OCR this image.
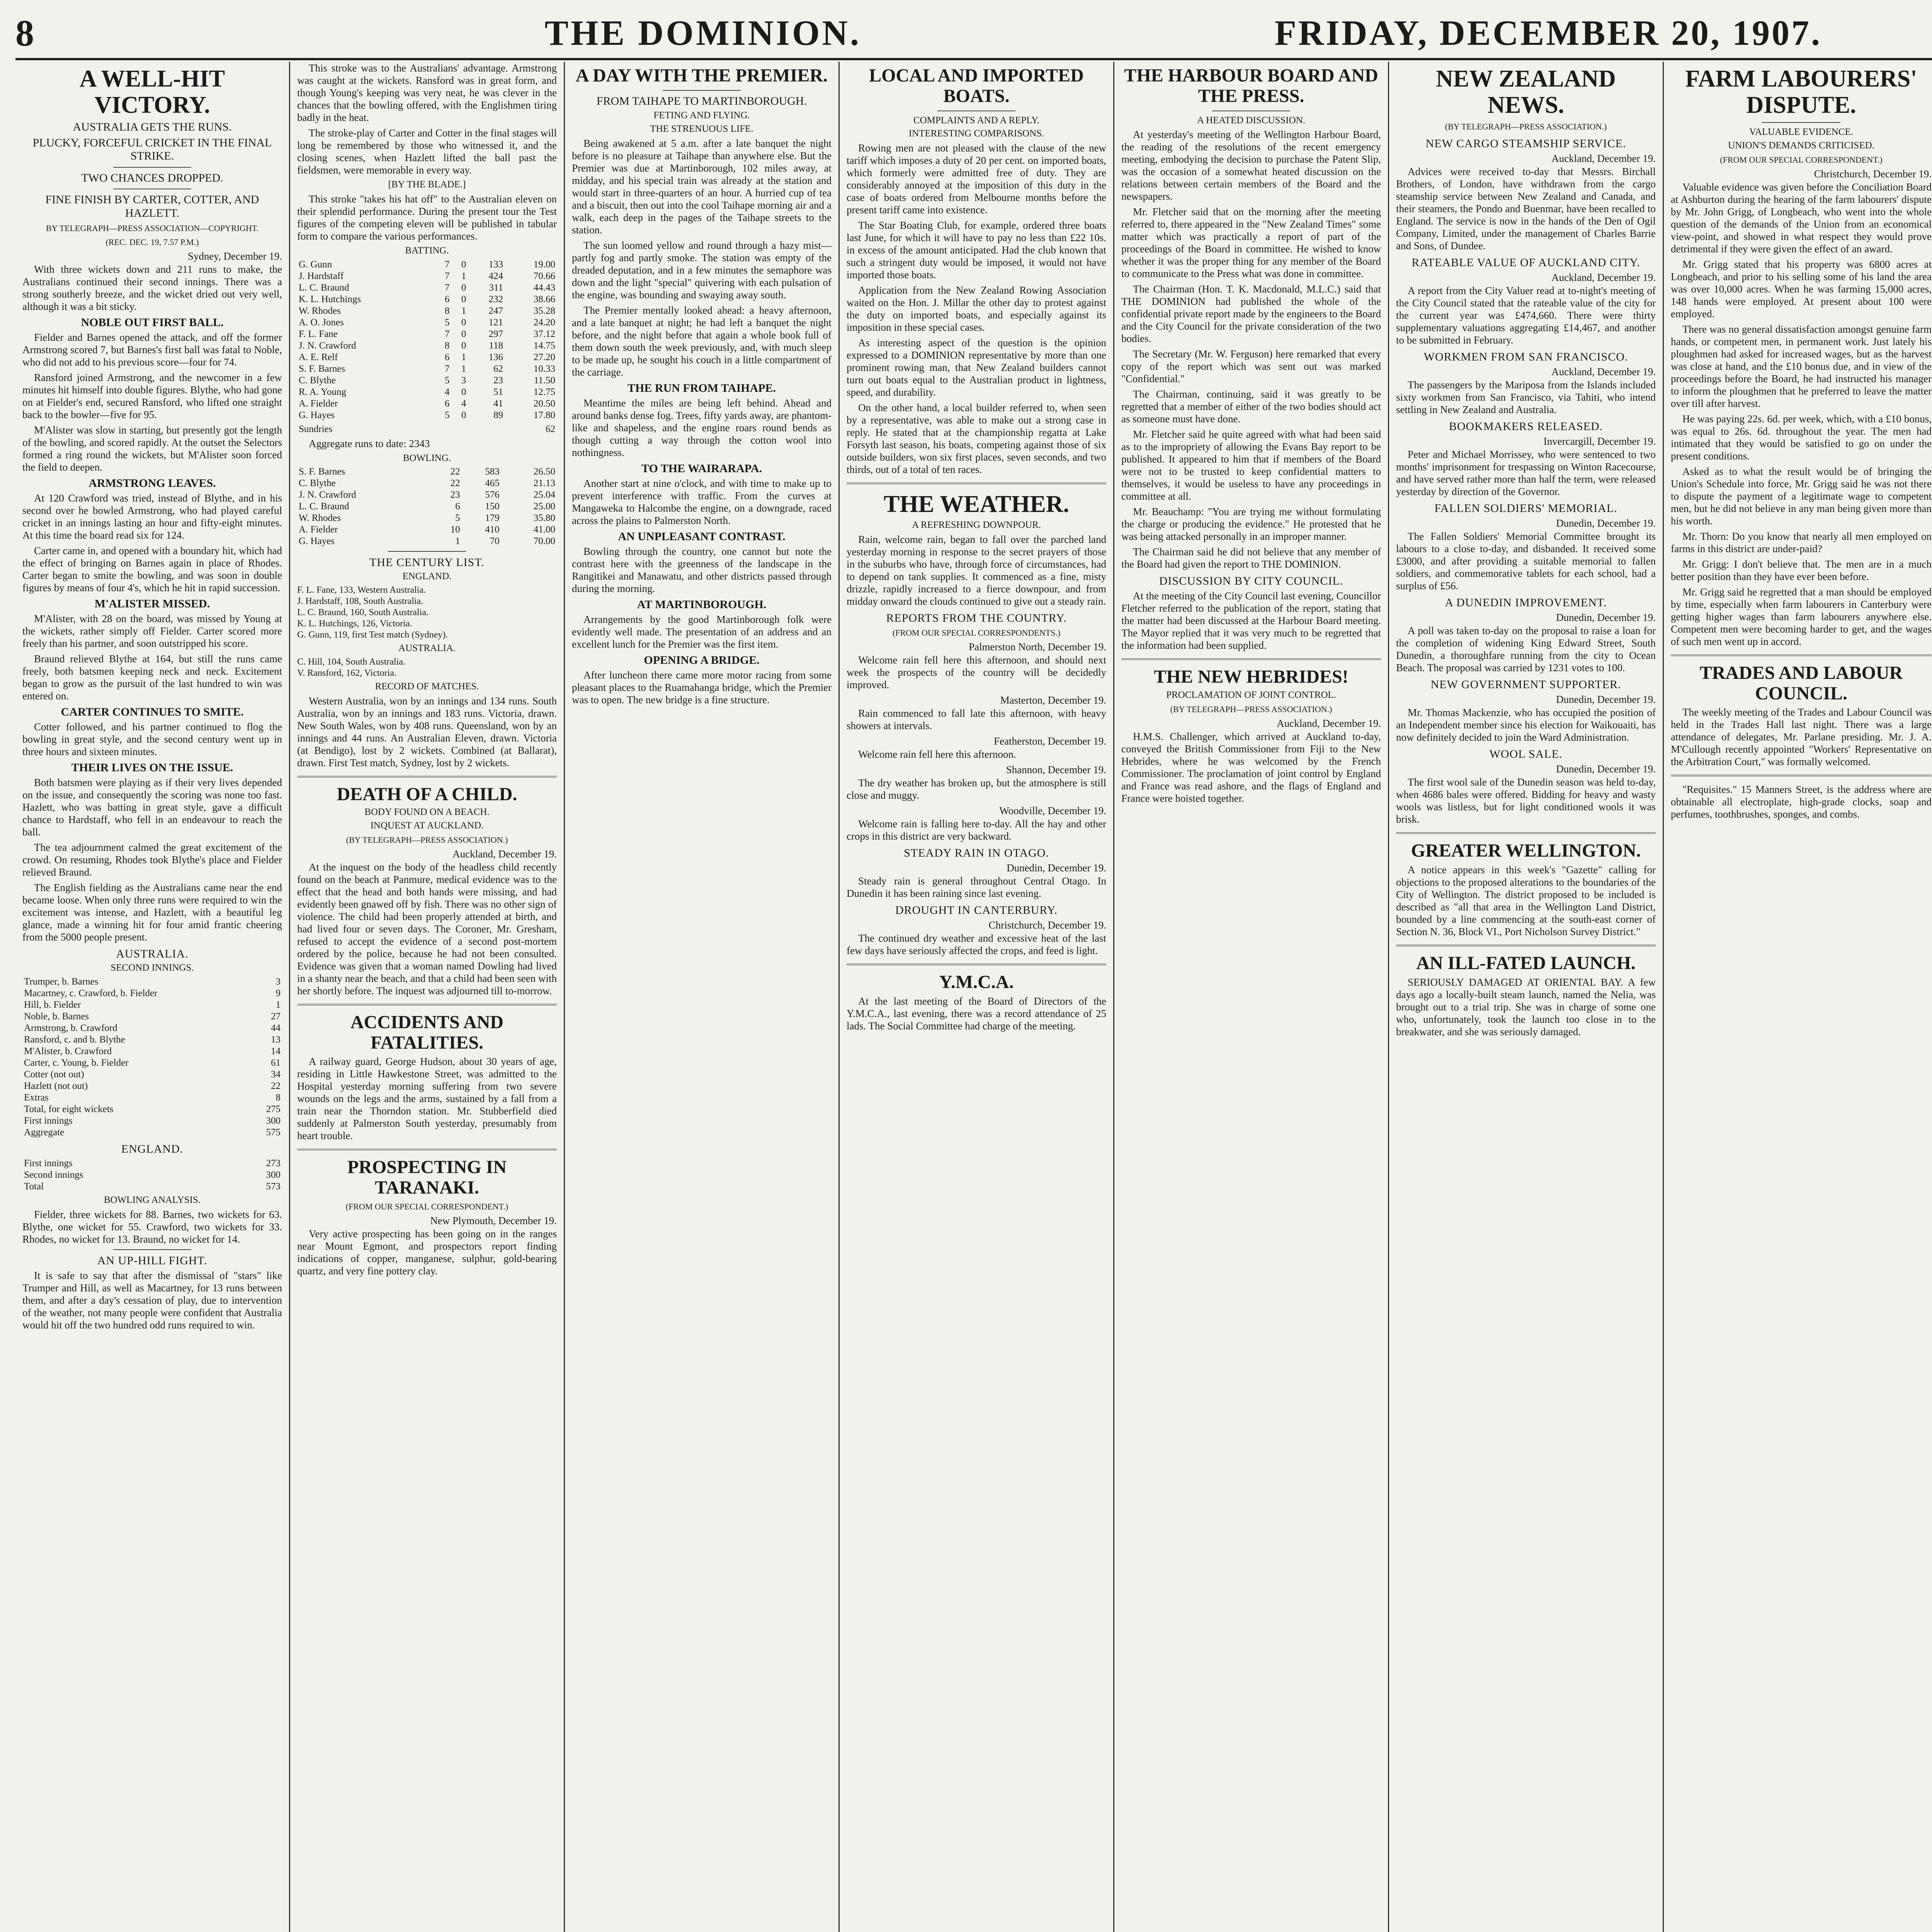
8	THE DOMINION.	FRIDAY, DECEMBER 20, 1907.
A WELL-HIT VICTORY.
AUSTRALIA GETS THE RUNS.
PLUCKY, FORCEFUL CRICKET IN THE FINAL STRIKE.
TWO CHANCES DROPPED.
FINE FINISH BY CARTER, COTTER, AND HAZLETT.
BY TELEGRAPH—PRESS ASSOCIATION—COPYRIGHT.
(REC. DEC. 19, 7.57 P.M.)
Sydney, December 19.

With three wickets down and 211 runs to make, the Australians continued their second innings. There was a strong southerly breeze, and the wicket dried out very well, although it was a bit sticky.

NOBLE OUT FIRST BALL.

Fielder and Barnes opened the attack, and off the former Armstrong scored 7, but Barnes's first ball was fatal to Noble, who did not add to his previous score—four for 74.

Ransford joined Armstrong, and the newcomer in a few minutes hit himself into double figures. Blythe, who had gone on at Fielder's end, secured Ransford, who lifted one straight back to the bowler—five for 95.

M'Alister was slow in starting, but presently got the length of the bowling, and scored rapidly. At the outset the Selectors formed a ring round the wickets, but M'Alister soon forced the field to deepen.

ARMSTRONG LEAVES.

At 120 Crawford was tried, instead of Blythe, and in his second over he bowled Armstrong, who had played careful cricket in an innings lasting an hour and fifty-eight minutes. At this time the board read six for 124.

Carter came in, and opened with a boundary hit, which had the effect of bringing on Barnes again in place of Rhodes. Carter began to smite the bowling, and was soon in double figures by means of four 4's, which he hit in rapid succession.

M'ALISTER MISSED.

M'Alister, with 28 on the board, was missed by Young at the wickets, rather simply off Fielder. Carter scored more freely than his partner, and soon outstripped his score.

Braund relieved Blythe at 164, but still the runs came freely, both batsmen keeping neck and neck. Excitement began to grow as the pursuit of the last hundred to win was entered on.

CARTER CONTINUES TO SMITE.

Cotter followed, and his partner continued to flog the bowling in great style, and the second century went up in three hours and sixteen minutes.

THEIR LIVES ON THE ISSUE.

Both batsmen were playing as if their very lives depended on the issue, and consequently the scoring was none too fast. Hazlett, who was batting in great style, gave a difficult chance to Hardstaff, who fell in an endeavour to reach the ball.

The tea adjournment calmed the great excitement of the crowd. On resuming, Rhodes took Blythe's place and Fielder relieved Braund.

The English fielding as the Australians came near the end became loose. When only three runs were required to win the excitement was intense, and Hazlett, with a beautiful leg glance, made a winning hit for four amid frantic cheering from the 5000 people present.

AUSTRALIA.
SECOND INNINGS.
Trumper, b. Barnes	3
Macartney, c. Crawford, b. Fielder	9
Hill, b. Fielder	1
Noble, b. Barnes	27
Armstrong, b. Crawford	44
Ransford, c. and b. Blythe	13
M'Alister, b. Crawford	14
Carter, c. Young, b. Fielder	61
Cotter (not out)	34
Hazlett (not out)	22
Extras	8
Total, for eight wickets	275
First innings	300
Aggregate	575
ENGLAND.
First innings	273
Second innings	300
Total	573
BOWLING ANALYSIS.

Fielder, three wickets for 88. Barnes, two wickets for 63. Blythe, one wicket for 55. Crawford, two wickets for 33. Rhodes, no wicket for 13. Braund, no wicket for 14.

AN UP-HILL FIGHT.

It is safe to say that after the dismissal of "stars" like Trumper and Hill, as well as Macartney, for 13 runs between them, and after a day's cessation of play, due to intervention of the weather, not many people were confident that Australia would hit off the two hundred odd runs required to win.

This stroke was to the Australians' advantage. Armstrong was caught at the wickets. Ransford was in great form, and though Young's keeping was very neat, he was clever in the chances that the bowling offered, with the Englishmen tiring badly in the heat.

The stroke-play of Carter and Cotter in the final stages will long be remembered by those who witnessed it, and the closing scenes, when Hazlett lifted the ball past the fieldsmen, were memorable in every way.

[BY THE BLADE.]

This stroke "takes his hat off" to the Australian eleven on their splendid performance. During the present tour the Test figures of the competing eleven will be published in tabular form to compare the various performances.

BATTING.
G. Gunn	7	0	133	19.00
J. Hardstaff	7	1	424	70.66
L. C. Braund	7	0	311	44.43
K. L. Hutchings	6	0	232	38.66
W. Rhodes	8	1	247	35.28
A. O. Jones	5	0	121	24.20
F. L. Fane	7	0	297	37.12
J. N. Crawford	8	0	118	14.75
A. E. Relf	6	1	136	27.20
S. F. Barnes	7	1	62	10.33
C. Blythe	5	3	23	11.50
R. A. Young	4	0	51	12.75
A. Fielder	6	4	41	20.50
G. Hayes	5	0	89	17.80
Sundries	62

Aggregate runs to date: 2343

BOWLING.
S. F. Barnes	22	583	26.50
C. Blythe	22	465	21.13
J. N. Crawford	23	576	25.04
L. C. Braund	6	150	25.00
W. Rhodes	5	179	35.80
A. Fielder	10	410	41.00
G. Hayes	1	70	70.00
THE CENTURY LIST.
ENGLAND.
F. L. Fane, 133, Western Australia.
J. Hardstaff, 108, South Australia.
L. C. Braund, 160, South Australia.
K. L. Hutchings, 126, Victoria.
G. Gunn, 119, first Test match (Sydney).
AUSTRALIA.
C. Hill, 104, South Australia.
V. Ransford, 162, Victoria.
RECORD OF MATCHES.

Western Australia, won by an innings and 134 runs. South Australia, won by an innings and 183 runs. Victoria, drawn. New South Wales, won by 408 runs. Queensland, won by an innings and 44 runs. An Australian Eleven, drawn. Victoria (at Bendigo), lost by 2 wickets. Combined (at Ballarat), drawn. First Test match, Sydney, lost by 2 wickets.

DEATH OF A CHILD.
BODY FOUND ON A BEACH.
INQUEST AT AUCKLAND.
(BY TELEGRAPH—PRESS ASSOCIATION.)
Auckland, December 19.

At the inquest on the body of the headless child recently found on the beach at Panmure, medical evidence was to the effect that the head and both hands were missing, and had evidently been gnawed off by fish. There was no other sign of violence. The child had been properly attended at birth, and had lived four or seven days. The Coroner, Mr. Gresham, refused to accept the evidence of a second post-mortem ordered by the police, because he had not been consulted. Evidence was given that a woman named Dowling had lived in a shanty near the beach, and that a child had been seen with her shortly before. The inquest was adjourned till to-morrow.

ACCIDENTS AND FATALITIES.

A railway guard, George Hudson, about 30 years of age, residing in Little Hawkestone Street, was admitted to the Hospital yesterday morning suffering from two severe wounds on the legs and the arms, sustained by a fall from a train near the Thorndon station. Mr. Stubberfield died suddenly at Palmerston South yesterday, presumably from heart trouble.

PROSPECTING IN TARANAKI.
(FROM OUR SPECIAL CORRESPONDENT.)
New Plymouth, December 19.

Very active prospecting has been going on in the ranges near Mount Egmont, and prospectors report finding indications of copper, manganese, sulphur, gold-bearing quartz, and very fine pottery clay.

A DAY WITH THE PREMIER.
FROM TAIHAPE TO MARTINBOROUGH.
FETING AND FLYING.
THE STRENUOUS LIFE.

Being awakened at 5 a.m. after a late banquet the night before is no pleasure at Taihape than anywhere else. But the Premier was due at Martinborough, 102 miles away, at midday, and his special train was already at the station and would start in three-quarters of an hour. A hurried cup of tea and a biscuit, then out into the cool Taihape morning air and a walk, each deep in the pages of the Taihape streets to the station.

The sun loomed yellow and round through a hazy mist—partly fog and partly smoke. The station was empty of the dreaded deputation, and in a few minutes the semaphore was down and the light "special" quivering with each pulsation of the engine, was bounding and swaying away south.

The Premier mentally looked ahead: a heavy afternoon, and a late banquet at night; he had left a banquet the night before, and the night before that again a whole book full of them down south the week previously, and, with much sleep to be made up, he sought his couch in a little compartment of the carriage.

THE RUN FROM TAIHAPE.

Meantime the miles are being left behind. Ahead and around banks dense fog. Trees, fifty yards away, are phantom-like and shapeless, and the engine roars round bends as though cutting a way through the cotton wool into nothingness.

TO THE WAIRARAPA.

Another start at nine o'clock, and with time to make up to prevent interference with traffic. From the curves at Mangaweka to Halcombe the engine, on a downgrade, raced across the plains to Palmerston North.

AN UNPLEASANT CONTRAST.

Bowling through the country, one cannot but note the contrast here with the greenness of the landscape in the Rangitikei and Manawatu, and other districts passed through during the morning.

AT MARTINBOROUGH.

Arrangements by the good Martinborough folk were evidently well made. The presentation of an address and an excellent lunch for the Premier was the first item.

OPENING A BRIDGE.

After luncheon there came more motor racing from some pleasant places to the Ruamahanga bridge, which the Premier was to open. The new bridge is a fine structure.

LOCAL AND IMPORTED BOATS.
COMPLAINTS AND A REPLY.
INTERESTING COMPARISONS.

Rowing men are not pleased with the clause of the new tariff which imposes a duty of 20 per cent. on imported boats, which formerly were admitted free of duty. They are considerably annoyed at the imposition of this duty in the case of boats ordered from Melbourne months before the present tariff came into existence.

The Star Boating Club, for example, ordered three boats last June, for which it will have to pay no less than £22 10s. in excess of the amount anticipated. Had the club known that such a stringent duty would be imposed, it would not have imported those boats.

Application from the New Zealand Rowing Association waited on the Hon. J. Millar the other day to protest against the duty on imported boats, and especially against its imposition in these special cases.

As interesting aspect of the question is the opinion expressed to a DOMINION representative by more than one prominent rowing man, that New Zealand builders cannot turn out boats equal to the Australian product in lightness, speed, and durability.

On the other hand, a local builder referred to, when seen by a representative, was able to make out a strong case in reply. He stated that at the championship regatta at Lake Forsyth last season, his boats, competing against those of six outside builders, won six first places, seven seconds, and two thirds, out of a total of ten races.

THE WEATHER.
A REFRESHING DOWNPOUR.

Rain, welcome rain, began to fall over the parched land yesterday morning in response to the secret prayers of those in the suburbs who have, through force of circumstances, had to depend on tank supplies. It commenced as a fine, misty drizzle, rapidly increased to a fierce downpour, and from midday onward the clouds continued to give out a steady rain.

REPORTS FROM THE COUNTRY.
(FROM OUR SPECIAL CORRESPONDENTS.)
Palmerston North, December 19.

Welcome rain fell here this afternoon, and should next week the prospects of the country will be decidedly improved.

Masterton, December 19.

Rain commenced to fall late this afternoon, with heavy showers at intervals.

Featherston, December 19.

Welcome rain fell here this afternoon.

Shannon, December 19.

The dry weather has broken up, but the atmosphere is still close and muggy.

Woodville, December 19.

Welcome rain is falling here to-day. All the hay and other crops in this district are very backward.

STEADY RAIN IN OTAGO.
Dunedin, December 19.

Steady rain is general throughout Central Otago. In Dunedin it has been raining since last evening.

DROUGHT IN CANTERBURY.
Christchurch, December 19.

The continued dry weather and excessive heat of the last few days have seriously affected the crops, and feed is light.

Y.M.C.A.

At the last meeting of the Board of Directors of the Y.M.C.A., last evening, there was a record attendance of 25 lads. The Social Committee had charge of the meeting.

THE HARBOUR BOARD AND THE PRESS.
A HEATED DISCUSSION.

At yesterday's meeting of the Wellington Harbour Board, the reading of the resolutions of the recent emergency meeting, embodying the decision to purchase the Patent Slip, was the occasion of a somewhat heated discussion on the relations between certain members of the Board and the newspapers.

Mr. Fletcher said that on the morning after the meeting referred to, there appeared in the "New Zealand Times" some matter which was practically a report of part of the proceedings of the Board in committee. He wished to know whether it was the proper thing for any member of the Board to communicate to the Press what was done in committee.

The Chairman (Hon. T. K. Macdonald, M.L.C.) said that THE DOMINION had published the whole of the confidential private report made by the engineers to the Board and the City Council for the private consideration of the two bodies.

The Secretary (Mr. W. Ferguson) here remarked that every copy of the report which was sent out was marked "Confidential."

The Chairman, continuing, said it was greatly to be regretted that a member of either of the two bodies should act as someone must have done.

Mr. Fletcher said he quite agreed with what had been said as to the impropriety of allowing the Evans Bay report to be published. It appeared to him that if members of the Board were not to be trusted to keep confidential matters to themselves, it would be useless to have any proceedings in committee at all.

Mr. Beauchamp: "You are trying me without formulating the charge or producing the evidence." He protested that he was being attacked personally in an improper manner.

The Chairman said he did not believe that any member of the Board had given the report to THE DOMINION.

DISCUSSION BY CITY COUNCIL.

At the meeting of the City Council last evening, Councillor Fletcher referred to the publication of the report, stating that the matter had been discussed at the Harbour Board meeting. The Mayor replied that it was very much to be regretted that the information had been supplied.

THE NEW HEBRIDES!
PROCLAMATION OF JOINT CONTROL.
(BY TELEGRAPH—PRESS ASSOCIATION.)
Auckland, December 19.

H.M.S. Challenger, which arrived at Auckland to-day, conveyed the British Commissioner from Fiji to the New Hebrides, where he was welcomed by the French Commissioner. The proclamation of joint control by England and France was read ashore, and the flags of England and France were hoisted together.

NEW ZEALAND NEWS.
(BY TELEGRAPH—PRESS ASSOCIATION.)
NEW CARGO STEAMSHIP SERVICE.
Auckland, December 19.

Advices were received to-day that Messrs. Birchall Brothers, of London, have withdrawn from the cargo steamship service between New Zealand and Canada, and their steamers, the Pondo and Buenmar, have been recalled to England. The service is now in the hands of the Den of Ogil Company, Limited, under the management of Charles Barrie and Sons, of Dundee.

RATEABLE VALUE OF AUCKLAND CITY.
Auckland, December 19.

A report from the City Valuer read at to-night's meeting of the City Council stated that the rateable value of the city for the current year was £474,660. There were thirty supplementary valuations aggregating £14,467, and another to be submitted in February.

WORKMEN FROM SAN FRANCISCO.
Auckland, December 19.

The passengers by the Mariposa from the Islands included sixty workmen from San Francisco, via Tahiti, who intend settling in New Zealand and Australia.

BOOKMAKERS RELEASED.
Invercargill, December 19.

Peter and Michael Morrissey, who were sentenced to two months' imprisonment for trespassing on Winton Racecourse, and have served rather more than half the term, were released yesterday by direction of the Governor.

FALLEN SOLDIERS' MEMORIAL.
Dunedin, December 19.

The Fallen Soldiers' Memorial Committee brought its labours to a close to-day, and disbanded. It received some £3000, and after providing a suitable memorial to fallen soldiers, and commemorative tablets for each school, had a surplus of £56.

A DUNEDIN IMPROVEMENT.
Dunedin, December 19.

A poll was taken to-day on the proposal to raise a loan for the completion of widening King Edward Street, South Dunedin, a thoroughfare running from the city to Ocean Beach. The proposal was carried by 1231 votes to 100.

NEW GOVERNMENT SUPPORTER.
Dunedin, December 19.

Mr. Thomas Mackenzie, who has occupied the position of an Independent member since his election for Waikouaiti, has now definitely decided to join the Ward Administration.

WOOL SALE.
Dunedin, December 19.

The first wool sale of the Dunedin season was held to-day, when 4686 bales were offered. Bidding for heavy and wasty wools was listless, but for light conditioned wools it was brisk.

GREATER WELLINGTON.

A notice appears in this week's "Gazette" calling for objections to the proposed alterations to the boundaries of the City of Wellington. The district proposed to be included is described as "all that area in the Wellington Land District, bounded by a line commencing at the south-east corner of Section N. 36, Block VI., Port Nicholson Survey District."

AN ILL-FATED LAUNCH.

SERIOUSLY DAMAGED AT ORIENTAL BAY. A few days ago a locally-built steam launch, named the Nelia, was brought out to a trial trip. She was in charge of some one who, unfortunately, took the launch too close in to the breakwater, and she was seriously damaged.

FARM LABOURERS' DISPUTE.
VALUABLE EVIDENCE.
UNION'S DEMANDS CRITICISED.
(FROM OUR SPECIAL CORRESPONDENT.)
Christchurch, December 19.

Valuable evidence was given before the Conciliation Board at Ashburton during the hearing of the farm labourers' dispute by Mr. John Grigg, of Longbeach, who went into the whole question of the demands of the Union from an economical view-point, and showed in what respect they would prove detrimental if they were given the effect of an award.

Mr. Grigg stated that his property was 6800 acres at Longbeach, and prior to his selling some of his land the area was over 10,000 acres. When he was farming 15,000 acres, 148 hands were employed. At present about 100 were employed.

There was no general dissatisfaction amongst genuine farm hands, or competent men, in permanent work. Just lately his ploughmen had asked for increased wages, but as the harvest was close at hand, and the £10 bonus due, and in view of the proceedings before the Board, he had instructed his manager to inform the ploughmen that he preferred to leave the matter over till after harvest.

He was paying 22s. 6d. per week, which, with a £10 bonus, was equal to 26s. 6d. throughout the year. The men had intimated that they would be satisfied to go on under the present conditions.

Asked as to what the result would be of bringing the Union's Schedule into force, Mr. Grigg said he was not there to dispute the payment of a legitimate wage to competent men, but he did not believe in any man being given more than his worth.

Mr. Thorn: Do you know that nearly all men employed on farms in this district are under-paid?

Mr. Grigg: I don't believe that. The men are in a much better position than they have ever been before.

Mr. Grigg said he regretted that a man should be employed by time, especially when farm labourers in Canterbury were getting higher wages than farm labourers anywhere else. Competent men were becoming harder to get, and the wages of such men went up in accord.

TRADES AND LABOUR COUNCIL.

The weekly meeting of the Trades and Labour Council was held in the Trades Hall last night. There was a large attendance of delegates, Mr. Parlane presiding. Mr. J. A. M'Cullough recently appointed "Workers' Representative on the Arbitration Court," was formally welcomed.

"Requisites." 15 Manners Street, is the address where are obtainable all electroplate, high-grade clocks, soap and perfumes, toothbrushes, sponges, and combs.
